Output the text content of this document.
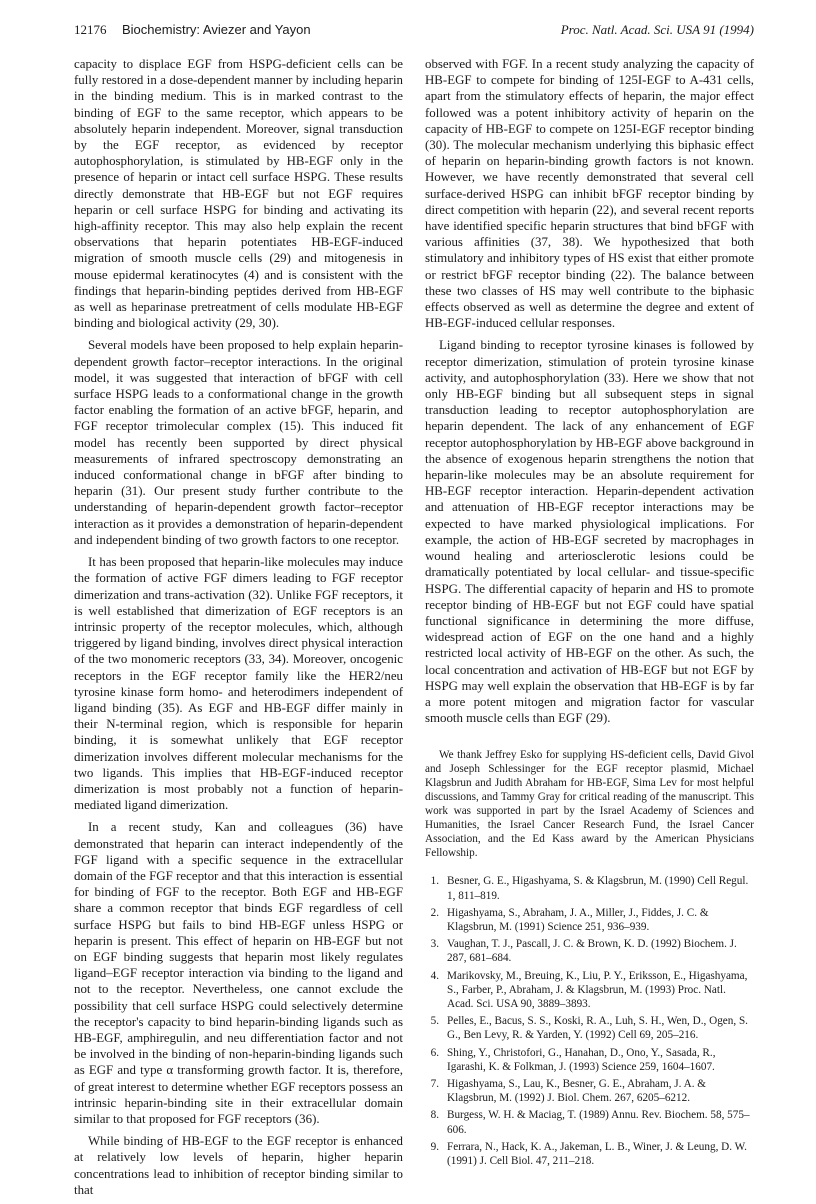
12176 Biochemistry: Aviezer and Yayon	Proc. Natl. Acad. Sci. USA 91 (1994)

capacity to displace EGF from HSPG-deficient cells can be fully restored in a dose-dependent manner by including heparin in the binding medium. This is in marked contrast to the binding of EGF to the same receptor, which appears to be absolutely heparin independent. Moreover, signal transduction by the EGF receptor, as evidenced by receptor autophosphorylation, is stimulated by HB-EGF only in the presence of heparin or intact cell surface HSPG. These results directly demonstrate that HB-EGF but not EGF requires heparin or cell surface HSPG for binding and activating its high-affinity receptor. This may also help explain the recent observations that heparin potentiates HB-EGF-induced migration of smooth muscle cells (29) and mitogenesis in mouse epidermal keratinocytes (4) and is consistent with the findings that heparin-binding peptides derived from HB-EGF as well as heparinase pretreatment of cells modulate HB-EGF binding and biological activity (29, 30).

Several models have been proposed to help explain heparin-dependent growth factor–receptor interactions. In the original model, it was suggested that interaction of bFGF with cell surface HSPG leads to a conformational change in the growth factor enabling the formation of an active bFGF, heparin, and FGF receptor trimolecular complex (15). This induced fit model has recently been supported by direct physical measurements of infrared spectroscopy demonstrating an induced conformational change in bFGF after binding to heparin (31). Our present study further contribute to the understanding of heparin-dependent growth factor–receptor interaction as it provides a demonstration of heparin-dependent and independent binding of two growth factors to one receptor.

It has been proposed that heparin-like molecules may induce the formation of active FGF dimers leading to FGF receptor dimerization and trans-activation (32). Unlike FGF receptors, it is well established that dimerization of EGF receptors is an intrinsic property of the receptor molecules, which, although triggered by ligand binding, involves direct physical interaction of the two monomeric receptors (33, 34). Moreover, oncogenic receptors in the EGF receptor family like the HER2/neu tyrosine kinase form homo- and heterodimers independent of ligand binding (35). As EGF and HB-EGF differ mainly in their N-terminal region, which is responsible for heparin binding, it is somewhat unlikely that EGF receptor dimerization involves different molecular mechanisms for the two ligands. This implies that HB-EGF-induced receptor dimerization is most probably not a function of heparin-mediated ligand dimerization.

In a recent study, Kan and colleagues (36) have demonstrated that heparin can interact independently of the FGF ligand with a specific sequence in the extracellular domain of the FGF receptor and that this interaction is essential for binding of FGF to the receptor. Both EGF and HB-EGF share a common receptor that binds EGF regardless of cell surface HSPG but fails to bind HB-EGF unless HSPG or heparin is present. This effect of heparin on HB-EGF but not on EGF binding suggests that heparin most likely regulates ligand–EGF receptor interaction via binding to the ligand and not to the receptor. Nevertheless, one cannot exclude the possibility that cell surface HSPG could selectively determine the receptor's capacity to bind heparin-binding ligands such as HB-EGF, amphiregulin, and neu differentiation factor and not be involved in the binding of non-heparin-binding ligands such as EGF and type α transforming growth factor. It is, therefore, of great interest to determine whether EGF receptors possess an intrinsic heparin-binding site in their extracellular domain similar to that proposed for FGF receptors (36).

While binding of HB-EGF to the EGF receptor is enhanced at relatively low levels of heparin, higher heparin concentrations lead to inhibition of receptor binding similar to that

observed with FGF. In a recent study analyzing the capacity of HB-EGF to compete for binding of 125I-EGF to A-431 cells, apart from the stimulatory effects of heparin, the major effect followed was a potent inhibitory activity of heparin on the capacity of HB-EGF to compete on 125I-EGF receptor binding (30). The molecular mechanism underlying this biphasic effect of heparin on heparin-binding growth factors is not known. However, we have recently demonstrated that several cell surface-derived HSPG can inhibit bFGF receptor binding by direct competition with heparin (22), and several recent reports have identified specific heparin structures that bind bFGF with various affinities (37, 38). We hypothesized that both stimulatory and inhibitory types of HS exist that either promote or restrict bFGF receptor binding (22). The balance between these two classes of HS may well contribute to the biphasic effects observed as well as determine the degree and extent of HB-EGF-induced cellular responses.

Ligand binding to receptor tyrosine kinases is followed by receptor dimerization, stimulation of protein tyrosine kinase activity, and autophosphorylation (33). Here we show that not only HB-EGF binding but all subsequent steps in signal transduction leading to receptor autophosphorylation are heparin dependent. The lack of any enhancement of EGF receptor autophosphorylation by HB-EGF above background in the absence of exogenous heparin strengthens the notion that heparin-like molecules may be an absolute requirement for HB-EGF receptor interaction. Heparin-dependent activation and attenuation of HB-EGF receptor interactions may be expected to have marked physiological implications. For example, the action of HB-EGF secreted by macrophages in wound healing and arteriosclerotic lesions could be dramatically potentiated by local cellular- and tissue-specific HSPG. The differential capacity of heparin and HS to promote receptor binding of HB-EGF but not EGF could have spatial functional significance in determining the more diffuse, widespread action of EGF on the one hand and a highly restricted local activity of HB-EGF on the other. As such, the local concentration and activation of HB-EGF but not EGF by HSPG may well explain the observation that HB-EGF is by far a more potent mitogen and migration factor for vascular smooth muscle cells than EGF (29).

We thank Jeffrey Esko for supplying HS-deficient cells, David Givol and Joseph Schlessinger for the EGF receptor plasmid, Michael Klagsbrun and Judith Abraham for HB-EGF, Sima Lev for most helpful discussions, and Tammy Gray for critical reading of the manuscript. This work was supported in part by the Israel Academy of Sciences and Humanities, the Israel Cancer Research Fund, the Israel Cancer Association, and the Ed Kass award by the American Physicians Fellowship.

1. Besner, G. E., Higashyama, S. & Klagsbrun, M. (1990) Cell Regul. 1, 811–819.
2. Higashyama, S., Abraham, J. A., Miller, J., Fiddes, J. C. & Klagsbrun, M. (1991) Science 251, 936–939.
3. Vaughan, T. J., Pascall, J. C. & Brown, K. D. (1992) Biochem. J. 287, 681–684.
4. Marikovsky, M., Breuing, K., Liu, P. Y., Eriksson, E., Higashyama, S., Farber, P., Abraham, J. & Klagsbrun, M. (1993) Proc. Natl. Acad. Sci. USA 90, 3889–3893.
5. Pelles, E., Bacus, S. S., Koski, R. A., Luh, S. H., Wen, D., Ogen, S. G., Ben Levy, R. & Yarden, Y. (1992) Cell 69, 205–216.
6. Shing, Y., Christofori, G., Hanahan, D., Ono, Y., Sasada, R., Igarashi, K. & Folkman, J. (1993) Science 259, 1604–1607.
7. Higashyama, S., Lau, K., Besner, G. E., Abraham, J. A. & Klagsbrun, M. (1992) J. Biol. Chem. 267, 6205–6212.
8. Burgess, W. H. & Maciag, T. (1989) Annu. Rev. Biochem. 58, 575–606.
9. Ferrara, N., Hack, K. A., Jakeman, L. B., Winer, J. & Leung, D. W. (1991) J. Cell Biol. 47, 211–218.
